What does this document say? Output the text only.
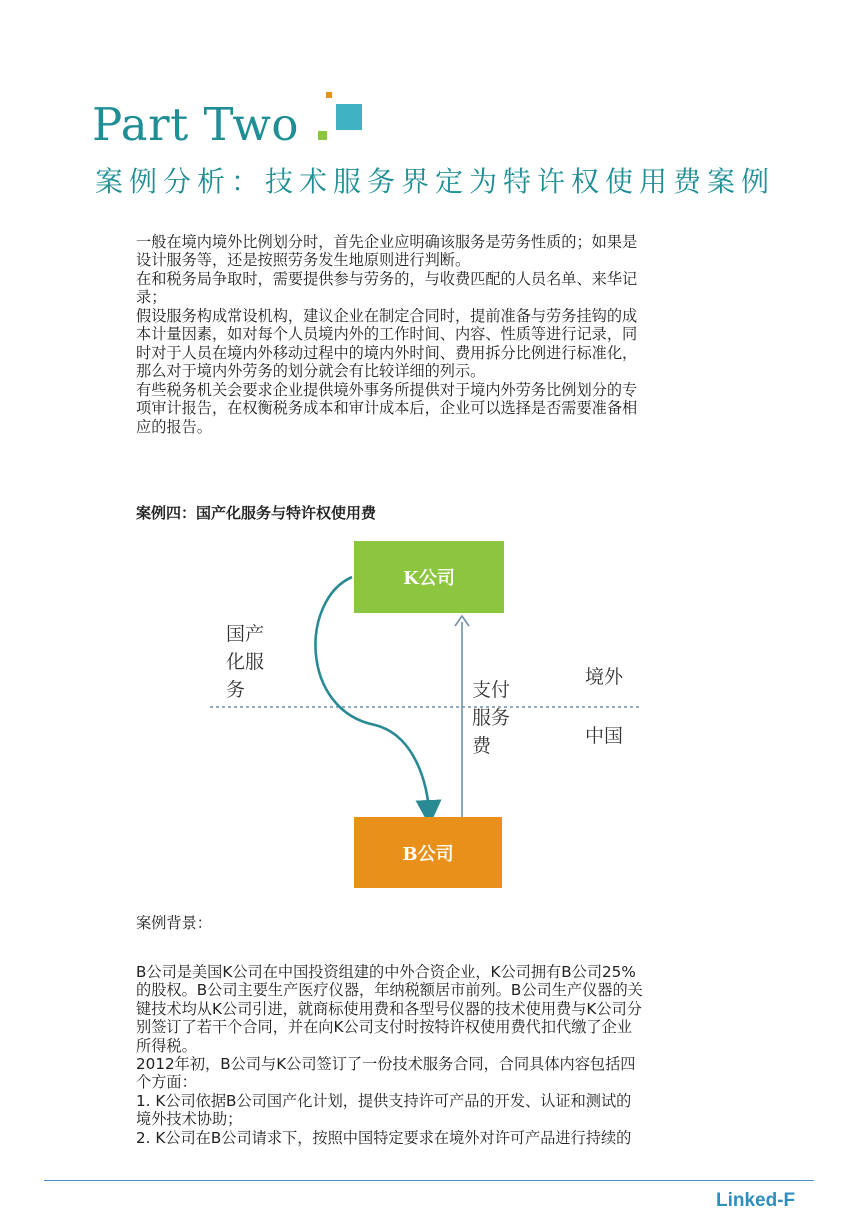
Part Two
案例分析：技术服务界定为特许权使用费案例
一般在境内境外比例划分时，首先企业应明确该服务是劳务性质的；如果是
设计服务等，还是按照劳务发生地原则进行判断。
在和税务局争取时，需要提供参与劳务的，与收费匹配的人员名单、来华记
录；
假设服务构成常设机构，建议企业在制定合同时，提前准备与劳务挂钩的成
本计量因素，如对每个人员境内外的工作时间、内容、性质等进行记录，同
时对于人员在境内外移动过程中的境内外时间、费用拆分比例进行标准化，
那么对于境内外劳务的划分就会有比较详细的列示。
有些税务机关会要求企业提供境外事务所提供对于境内外劳务比例划分的专
项审计报告，在权衡税务成本和审计成本后，企业可以选择是否需要准备相
应的报告。
案例四：国产化服务与特许权使用费
K公司
B公司
国产
化服
务	支付
服务
费
境外
中国
案例背景：
B公司是美国K公司在中国投资组建的中外合资企业，K公司拥有B公司25%
的股权。B公司主要生产医疗仪器，年纳税额居市前列。B公司生产仪器的关
键技术均从K公司引进，就商标使用费和各型号仪器的技术使用费与K公司分
别签订了若干个合同，并在向K公司支付时按特许权使用费代扣代缴了企业
所得税。
2012年初，B公司与K公司签订了一份技术服务合同，合同具体内容包括四
个方面：
1. K公司依据B公司国产化计划，提供支持许可产品的开发、认证和测试的
境外技术协助；
2. K公司在B公司请求下，按照中国特定要求在境外对许可产品进行持续的
Linked-F
